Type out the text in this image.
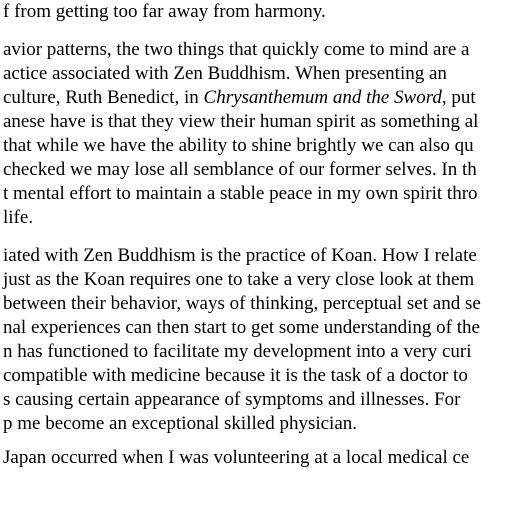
f from getting too far away from harmony.
avior patterns, the two things that quickly come to mind are a
actice associated with Zen Buddhism. When presenting an
culture, Ruth Benedict, in Chrysanthemum and the Sword, put
anese have is that they view their human spirit as something al
that while we have the ability to shine brightly we can also qu
checked we may lose all semblance of our former selves. In th
t mental effort to maintain a stable peace in my own spirit thro
life.
iated with Zen Buddhism is the practice of Koan. How I relate
just as the Koan requires one to take a very close look at them
between their behavior, ways of thinking, perceptual set and se
nal experiences can then start to get some understanding of the
n has functioned to facilitate my development into a very curi
compatible with medicine because it is the task of a doctor to
s causing certain appearance of symptoms and illnesses. For
p me become an exceptional skilled physician.
Japan occurred when I was volunteering at a local medical ce
